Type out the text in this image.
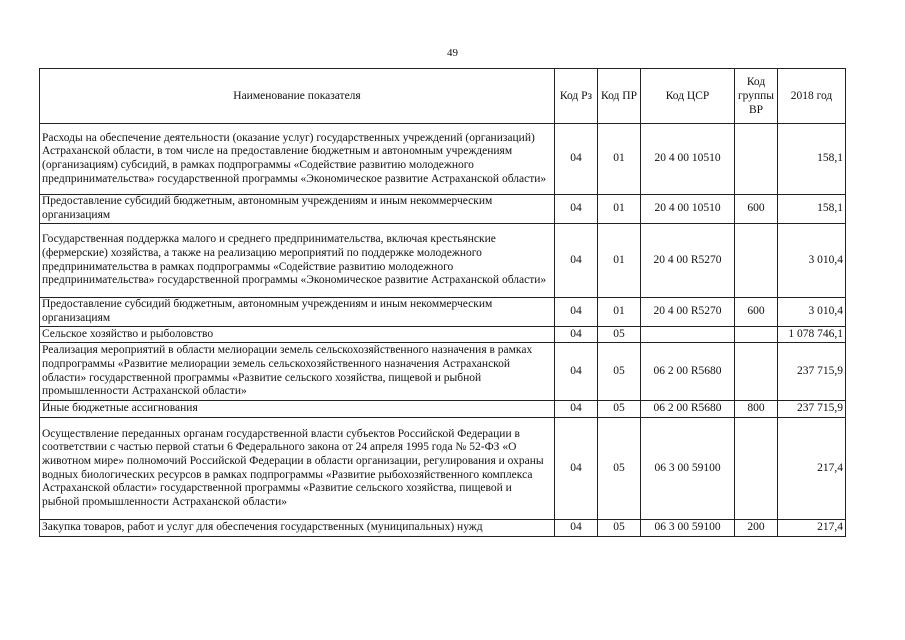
49
Наименование показателя	Код Рз	Код ПР	Код ЦСР	Код группы ВР	2018 год
Расходы на обеспечение деятельности (оказание услуг) государственных учреждений (организаций) Астраханской области, в том числе на предоставление бюджетным и автономным учреждениям (организациям) субсидий, в рамках подпрограммы «Содействие развитию молодежного предпринимательства» государственной программы «Экономическое развитие Астраханской области»	04	01	20 4 00 10510		158,1
Предоставление субсидий бюджетным, автономным учреждениям и иным некоммерческим организациям	04	01	20 4 00 10510	600	158,1
Государственная поддержка малого и среднего предпринимательства, включая крестьянские (фермерские) хозяйства, а также на реализацию мероприятий по поддержке молодежного предпринимательства в рамках подпрограммы «Содействие развитию молодежного предпринимательства» государственной программы «Экономическое развитие Астраханской области»	04	01	20 4 00 R5270		3 010,4
Предоставление субсидий бюджетным, автономным учреждениям и иным некоммерческим организациям	04	01	20 4 00 R5270	600	3 010,4
Сельское хозяйство и рыболовство	04	05			1 078 746,1
Реализация мероприятий в области мелиорации земель сельскохозяйственного назначения в рамках подпрограммы «Развитие мелиорации земель сельскохозяйственного назначения Астраханской области» государственной программы «Развитие сельского хозяйства, пищевой и рыбной промышленности Астраханской области»	04	05	06 2 00 R5680		237 715,9
Иные бюджетные ассигнования	04	05	06 2 00 R5680	800	237 715,9
Осуществление переданных органам государственной власти субъектов Российской Федерации в соответствии с частью первой статьи 6 Федерального закона от 24 апреля 1995 года № 52-ФЗ «О животном мире» полномочий Российской Федерации в области организации, регулирования и охраны водных биологических ресурсов в рамках подпрограммы «Развитие рыбохозяйственного комплекса Астраханской области» государственной программы «Развитие сельского хозяйства, пищевой и рыбной промышленности Астраханской области»	04	05	06 3 00 59100		217,4
Закупка товаров, работ и услуг для обеспечения государственных (муниципальных) нужд	04	05	06 3 00 59100	200	217,4
